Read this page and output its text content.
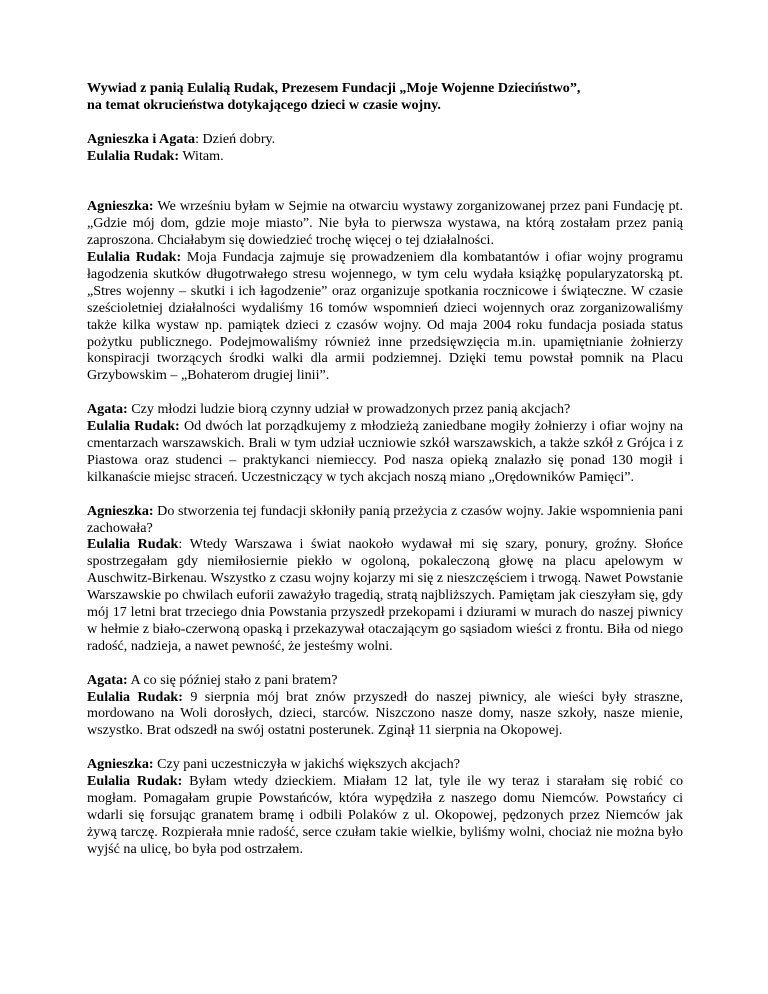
Wywiad z panią Eulalią Rudak, Prezesem Fundacji „Moje Wojenne Dzieciństwo”,

na temat okrucieństwa dotykającego dzieci w czasie wojny.

Agnieszka i Agata: Dzień dobry.

Eulalia Rudak: Witam.

Agnieszka: We wrześniu byłam w Sejmie na otwarciu wystawy zorganizowanej przez pani Fundację pt. „Gdzie mój dom, gdzie moje miasto”. Nie była to pierwsza wystawa, na którą zostałam przez panią zaproszona. Chciałabym się dowiedzieć trochę więcej o tej działalności.

Eulalia Rudak: Moja Fundacja zajmuje się prowadzeniem dla kombatantów i ofiar wojny programu łagodzenia skutków długotrwałego stresu wojennego, w tym celu wydała książkę popularyzatorską pt. „Stres wojenny – skutki i ich łagodzenie” oraz organizuje spotkania rocznicowe i świąteczne. W czasie sześcioletniej działalności wydaliśmy 16 tomów wspomnień dzieci wojennych oraz zorganizowaliśmy także kilka wystaw np. pamiątek dzieci z czasów wojny. Od maja 2004 roku fundacja posiada status pożytku publicznego. Podejmowaliśmy również inne przedsięwzięcia m.in. upamiętnianie żołnierzy konspiracji tworzących środki walki dla armii podziemnej. Dzięki temu powstał pomnik na Placu Grzybowskim – „Bohaterom drugiej linii”.

Agata: Czy młodzi ludzie biorą czynny udział w prowadzonych przez panią akcjach?

Eulalia Rudak: Od dwóch lat porządkujemy z młodzieżą zaniedbane mogiły żołnierzy i ofiar wojny na cmentarzach warszawskich. Brali w tym udział uczniowie szkół warszawskich, a także szkół z Grójca i z Piastowa oraz studenci – praktykanci niemieccy. Pod nasza opieką znalazło się ponad 130 mogił i kilkanaście miejsc straceń. Uczestniczący w tych akcjach noszą miano „Orędowników Pamięci”.

Agnieszka: Do stworzenia tej fundacji skłoniły panią przeżycia z czasów wojny. Jakie wspomnienia pani zachowała?

Eulalia Rudak: Wtedy Warszawa i świat naokoło wydawał mi się szary, ponury, groźny. Słońce spostrzegałam gdy niemiłosiernie piekło w ogoloną, pokaleczoną głowę na placu apelowym w Auschwitz-Birkenau. Wszystko z czasu wojny kojarzy mi się z nieszczęściem i trwogą. Nawet Powstanie Warszawskie po chwilach euforii zaważyło tragedią, stratą najbliższych. Pamiętam jak cieszyłam się, gdy mój 17 letni brat trzeciego dnia Powstania przyszedł przekopami i dziurami w murach do naszej piwnicy w hełmie z biało-czerwoną opaską i przekazywał otaczającym go sąsiadom wieści z frontu. Biła od niego radość, nadzieja, a nawet pewność, że jesteśmy wolni.

Agata: A co się później stało z pani bratem?

Eulalia Rudak: 9 sierpnia mój brat znów przyszedł do naszej piwnicy, ale wieści były straszne, mordowano na Woli dorosłych, dzieci, starców. Niszczono nasze domy, nasze szkoły, nasze mienie, wszystko. Brat odszedł na swój ostatni posterunek. Zginął 11 sierpnia na Okopowej.

Agnieszka: Czy pani uczestniczyła w jakichś większych akcjach?

Eulalia Rudak: Byłam wtedy dzieckiem. Miałam 12 lat, tyle ile wy teraz i starałam się robić co mogłam. Pomagałam grupie Powstańców, która wypędziła z naszego domu Niemców. Powstańcy ci wdarli się forsując granatem bramę i odbili Polaków z ul. Okopowej, pędzonych przez Niemców jak żywą tarczę. Rozpierała mnie radość, serce czułam takie wielkie, byliśmy wolni, chociaż nie można było wyjść na ulicę, bo była pod ostrzałem.
